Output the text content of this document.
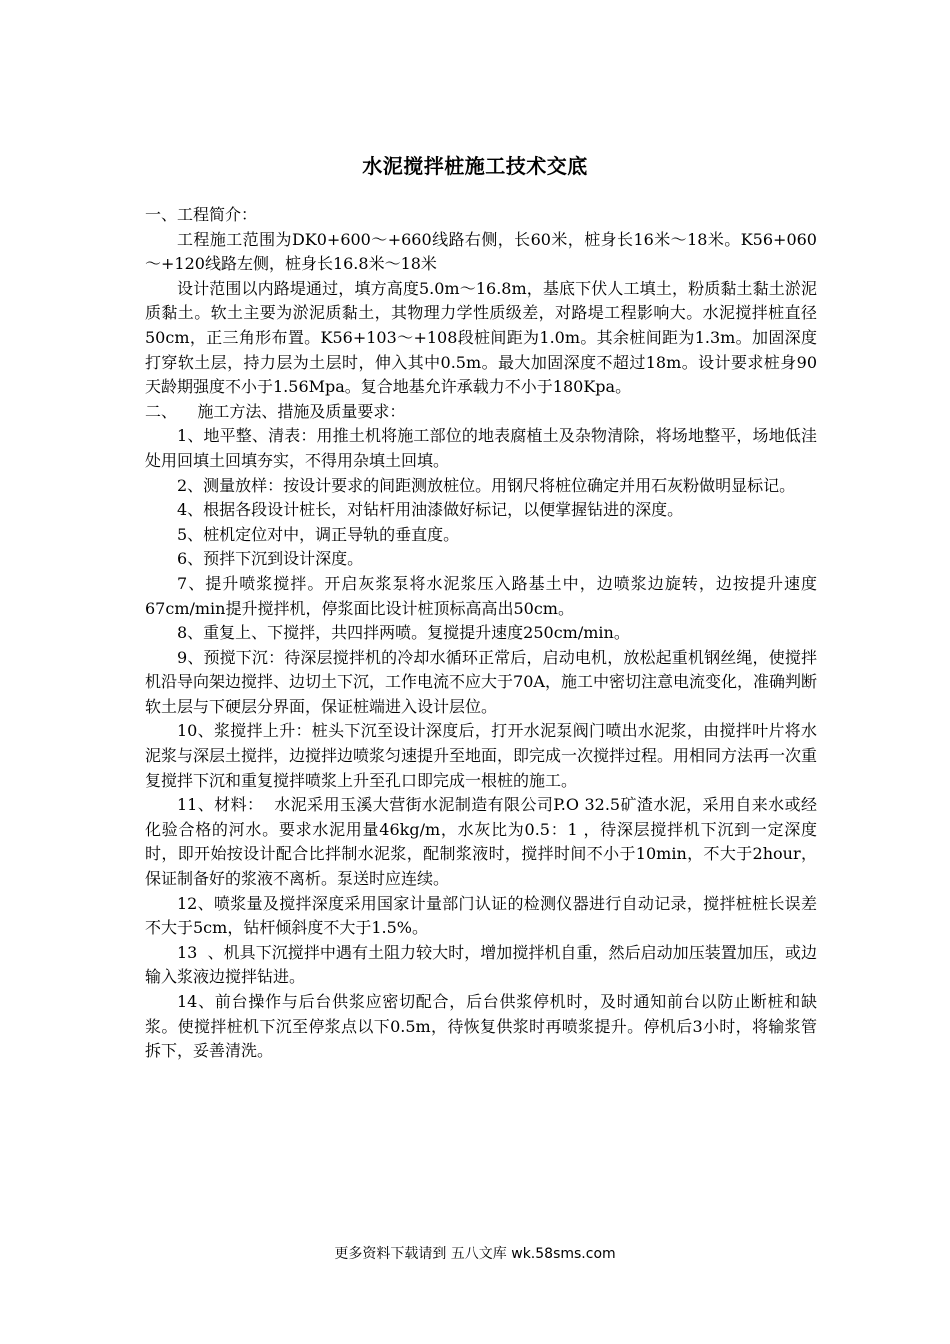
水泥搅拌桩施工技术交底

一、工程简介：

工程施工范围为DK0+600～+660线路右侧，长60米，桩身长16米～18米。K56+060～+120线路左侧，桩身长16.8米～18米

设计范围以内路堤通过，填方高度5.0m～16.8m，基底下伏人工填土，粉质黏土黏土淤泥质黏土。软土主要为淤泥质黏土，其物理力学性质级差，对路堤工程影响大。水泥搅拌桩直径50cm，正三角形布置。K56+103～+108段桩间距为1.0m。其余桩间距为1.3m。加固深度打穿软土层，持力层为土层时，伸入其中0.5m。最大加固深度不超过18m。设计要求桩身90天龄期强度不小于1.56Mpa。复合地基允许承载力不小于180Kpa。

二、    施工方法、措施及质量要求：

1、地平整、清表：用推土机将施工部位的地表腐植土及杂物清除，将场地整平，场地低洼处用回填土回填夯实，不得用杂填土回填。

2、测量放样：按设计要求的间距测放桩位。用钢尺将桩位确定并用石灰粉做明显标记。

4、根据各段设计桩长，对钻杆用油漆做好标记，以便掌握钻进的深度。

5、桩机定位对中，调正导轨的垂直度。

6、预拌下沉到设计深度。

7、提升喷浆搅拌。开启灰浆泵将水泥浆压入路基土中，边喷浆边旋转，边按提升速度67cm/min提升搅拌机，停浆面比设计桩顶标高高出50cm。

8、重复上、下搅拌，共四拌两喷。复搅提升速度250cm/min。

9、预搅下沉：待深层搅拌机的冷却水循环正常后，启动电机，放松起重机钢丝绳，使搅拌机沿导向架边搅拌、边切土下沉，工作电流不应大于70A，施工中密切注意电流变化，准确判断软土层与下硬层分界面，保证桩端进入设计层位。

10、浆搅拌上升：桩头下沉至设计深度后，打开水泥泵阀门喷出水泥浆，由搅拌叶片将水泥浆与深层土搅拌，边搅拌边喷浆匀速提升至地面，即完成一次搅拌过程。用相同方法再一次重复搅拌下沉和重复搅拌喷浆上升至孔口即完成一根桩的施工。

11、材料：  水泥采用玉溪大营街水泥制造有限公司P.O 32.5矿渣水泥，采用自来水或经化验合格的河水。要求水泥用量46kg/m，水灰比为0.5：1 ，待深层搅拌机下沉到一定深度时，即开始按设计配合比拌制水泥浆，配制浆液时，搅拌时间不小于10min，不大于2hour，保证制备好的浆液不离析。泵送时应连续。

12、喷浆量及搅拌深度采用国家计量部门认证的检测仪器进行自动记录，搅拌桩桩长误差不大于5cm，钻杆倾斜度不大于1.5%。

13  、机具下沉搅拌中遇有土阻力较大时，增加搅拌机自重，然后启动加压装置加压，或边输入浆液边搅拌钻进。

14、前台操作与后台供浆应密切配合，后台供浆停机时，及时通知前台以防止断桩和缺浆。使搅拌桩机下沉至停浆点以下0.5m，待恢复供浆时再喷浆提升。停机后3小时，将输浆管拆下，妥善清洗。

更多资料下载请到 五八文库 wk.58sms.com
